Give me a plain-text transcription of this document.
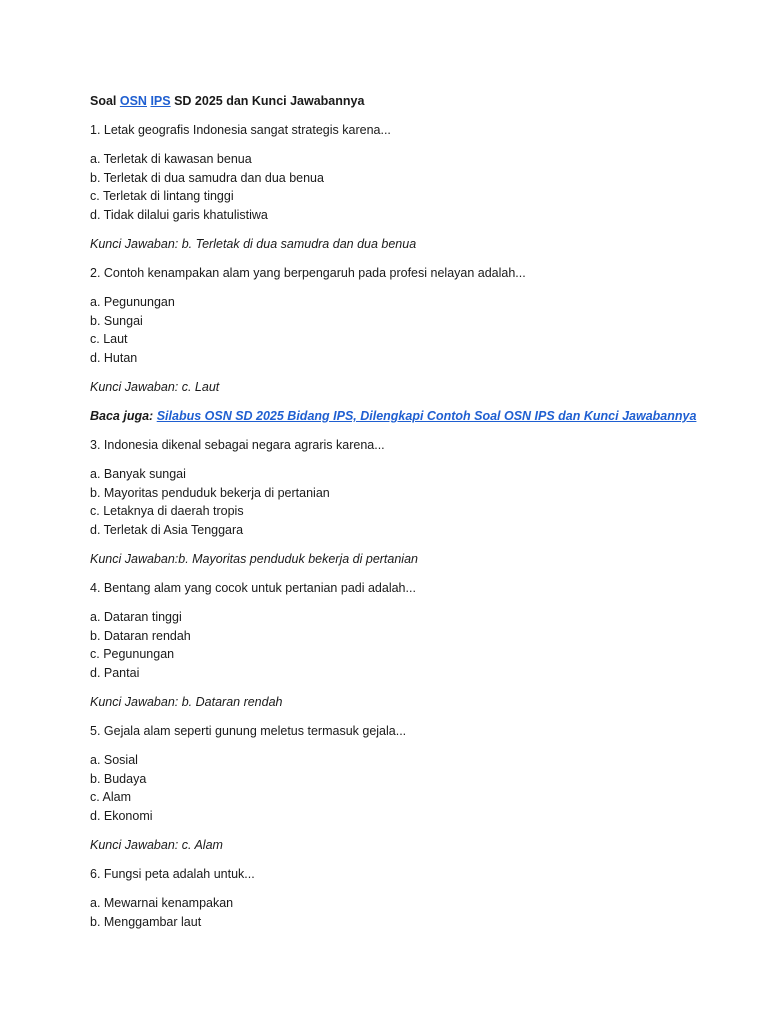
Soal OSN IPS SD 2025 dan Kunci Jawabannya
1. Letak geografis Indonesia sangat strategis karena...
a. Terletak di kawasan benua
b. Terletak di dua samudra dan dua benua
c. Terletak di lintang tinggi
d. Tidak dilalui garis khatulistiwa
Kunci Jawaban: b. Terletak di dua samudra dan dua benua
2. Contoh kenampakan alam yang berpengaruh pada profesi nelayan adalah...
a. Pegunungan
b. Sungai
c. Laut
d. Hutan
Kunci Jawaban: c. Laut
Baca juga: Silabus OSN SD 2025 Bidang IPS, Dilengkapi Contoh Soal OSN IPS dan Kunci Jawabannya
3. Indonesia dikenal sebagai negara agraris karena...
a. Banyak sungai
b. Mayoritas penduduk bekerja di pertanian
c. Letaknya di daerah tropis
d. Terletak di Asia Tenggara
Kunci Jawaban:b. Mayoritas penduduk bekerja di pertanian
4. Bentang alam yang cocok untuk pertanian padi adalah...
a. Dataran tinggi
b. Dataran rendah
c. Pegunungan
d. Pantai
Kunci Jawaban: b. Dataran rendah
5. Gejala alam seperti gunung meletus termasuk gejala...
a. Sosial
b. Budaya
c. Alam
d. Ekonomi
Kunci Jawaban: c. Alam
6. Fungsi peta adalah untuk...
a. Mewarnai kenampakan
b. Menggambar laut
